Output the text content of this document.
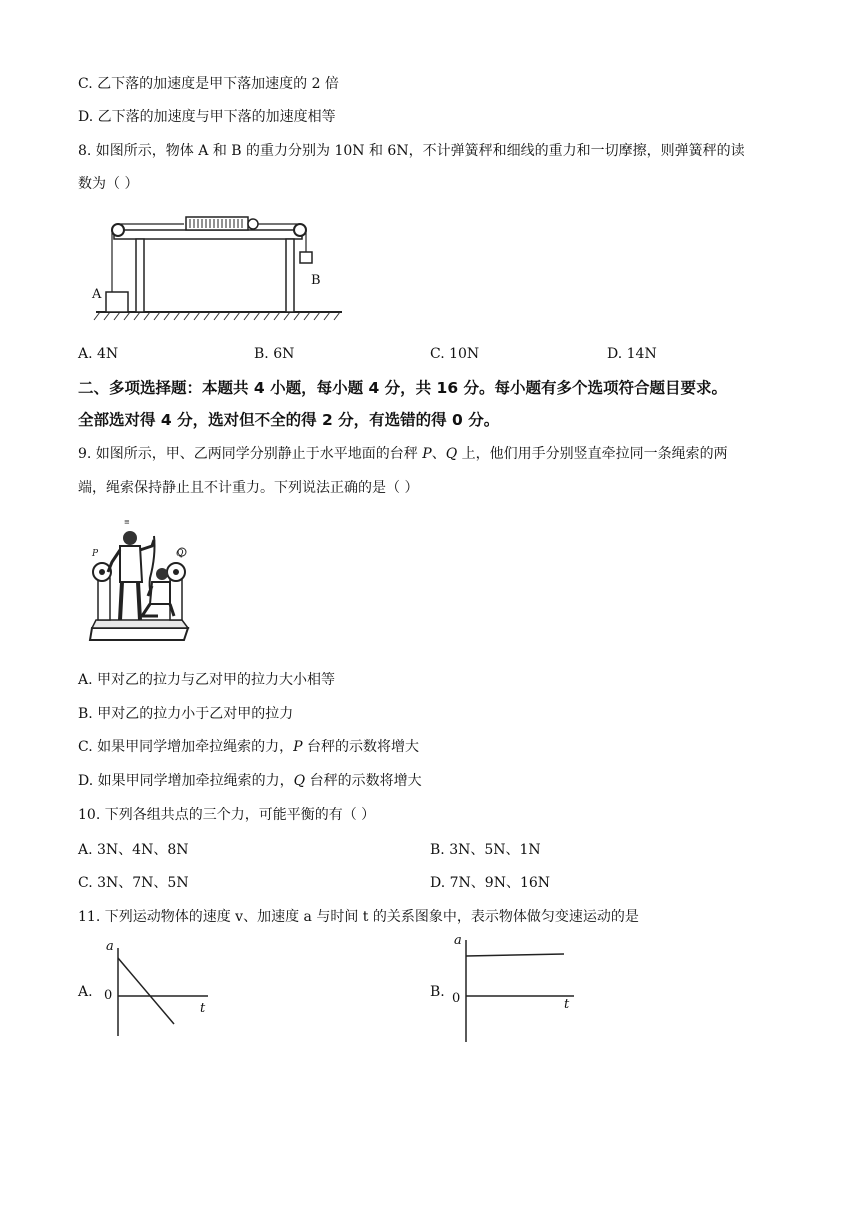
C. 乙下落的加速度是甲下落加速度的 2 倍
D. 乙下落的加速度与甲下落的加速度相等
8. 如图所示，物体 A 和 B 的重力分别为 10N 和 6N，不计弹簧秤和细线的重力和一切摩擦，则弹簧秤的读
数为（ ）
A
B
A. 4N	B. 6N	C. 10N	D. 14N
二、多项选择题：本题共 4 小题，每小题 4 分，共 16 分。每小题有多个选项符合题目要求。
全部选对得 4 分，选对但不全的得 2 分，有选错的得 0 分。
9. 如图所示，甲、乙两同学分别静止于水平地面的台秤 P、Q 上，他们用手分别竖直牵拉同一条绳索的两
端，绳索保持静止且不计重力。下列说法正确的是（ ）
P	Q
≡
A. 甲对乙的拉力与乙对甲的拉力大小相等
B. 甲对乙的拉力小于乙对甲的拉力
C. 如果甲同学增加牵拉绳索的力，P 台秤的示数将增大
D. 如果甲同学增加牵拉绳索的力，Q 台秤的示数将增大
10. 下列各组共点的三个力，可能平衡的有（ ）
A. 3N、4N、8N	B. 3N、5N、1N
C. 3N、7N、5N	D. 7N、9N、16N
11. 下列运动物体的速度 v、加速度 a 与时间 t 的关系图象中，表示物体做匀变速运动的是
A.
a
0
t
B.
a
0	t
